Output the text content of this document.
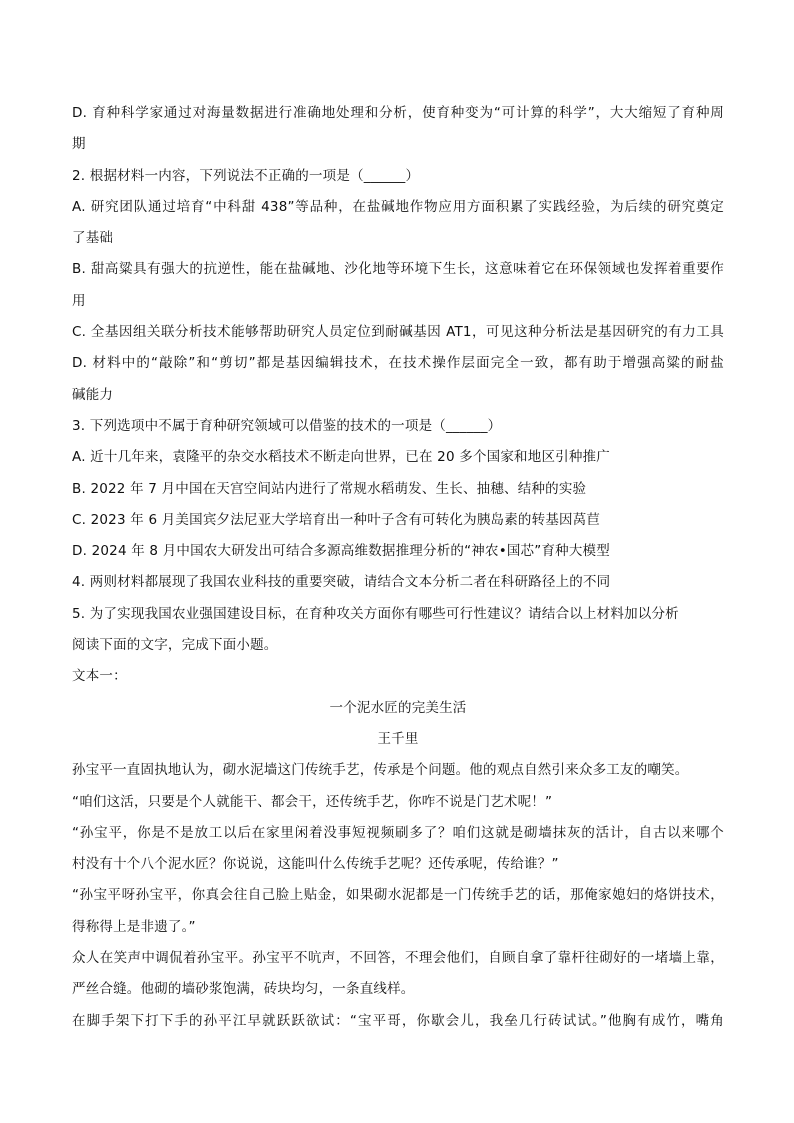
D. 育种科学家通过对海量数据进行准确地处理和分析，使育种变为“可计算的科学”，大大缩短了育种周
期
2. 根据材料一内容，下列说法不正确的一项是（______）
A. 研究团队通过培育“中科甜 438”等品种，在盐碱地作物应用方面积累了实践经验，为后续的研究奠定
了基础
B. 甜高粱具有强大的抗逆性，能在盐碱地、沙化地等环境下生长，这意味着它在环保领域也发挥着重要作
用
C. 全基因组关联分析技术能够帮助研究人员定位到耐碱基因 AT1，可见这种分析法是基因研究的有力工具
D. 材料中的“敲除”和“剪切”都是基因编辑技术，在技术操作层面完全一致，都有助于增强高粱的耐盐
碱能力
3. 下列选项中不属于育种研究领域可以借鉴的技术的一项是（______）
A. 近十几年来，袁隆平的杂交水稻技术不断走向世界，已在 20 多个国家和地区引种推广
B. 2022 年 7 月中国在天宫空间站内进行了常规水稻萌发、生长、抽穗、结种的实验
C. 2023 年 6 月美国宾夕法尼亚大学培育出一种叶子含有可转化为胰岛素的转基因莴苣
D. 2024 年 8 月中国农大研发出可结合多源高维数据推理分析的“神农•国芯”育种大模型
4. 两则材料都展现了我国农业科技的重要突破，请结合文本分析二者在科研路径上的不同
5. 为了实现我国农业强国建设目标，在育种攻关方面你有哪些可行性建议？请结合以上材料加以分析
阅读下面的文字，完成下面小题。
文本一：
一个泥水匠的完美生活
王千里
孙宝平一直固执地认为，砌水泥墙这门传统手艺，传承是个问题。他的观点自然引来众多工友的嘲笑。
“咱们这活，只要是个人就能干、都会干，还传统手艺，你咋不说是门艺术呢！”
“孙宝平，你是不是放工以后在家里闲着没事短视频刷多了？咱们这就是砌墙抹灰的活计，自古以来哪个
村没有十个八个泥水匠？你说说，这能叫什么传统手艺呢？还传承呢，传给谁？”
“孙宝平呀孙宝平，你真会往自己脸上贴金，如果砌水泥都是一门传统手艺的话，那俺家媳妇的烙饼技术，
得称得上是非遗了。”
众人在笑声中调侃着孙宝平。孙宝平不吭声，不回答，不理会他们，自顾自拿了靠杆往砌好的一堵墙上靠，
严丝合缝。他砌的墙砂浆饱满，砖块均匀，一条直线样。
在脚手架下打下手的孙平江早就跃跃欲试：“宝平哥，你歇会儿，我垒几行砖试试。”他胸有成竹，嘴角
